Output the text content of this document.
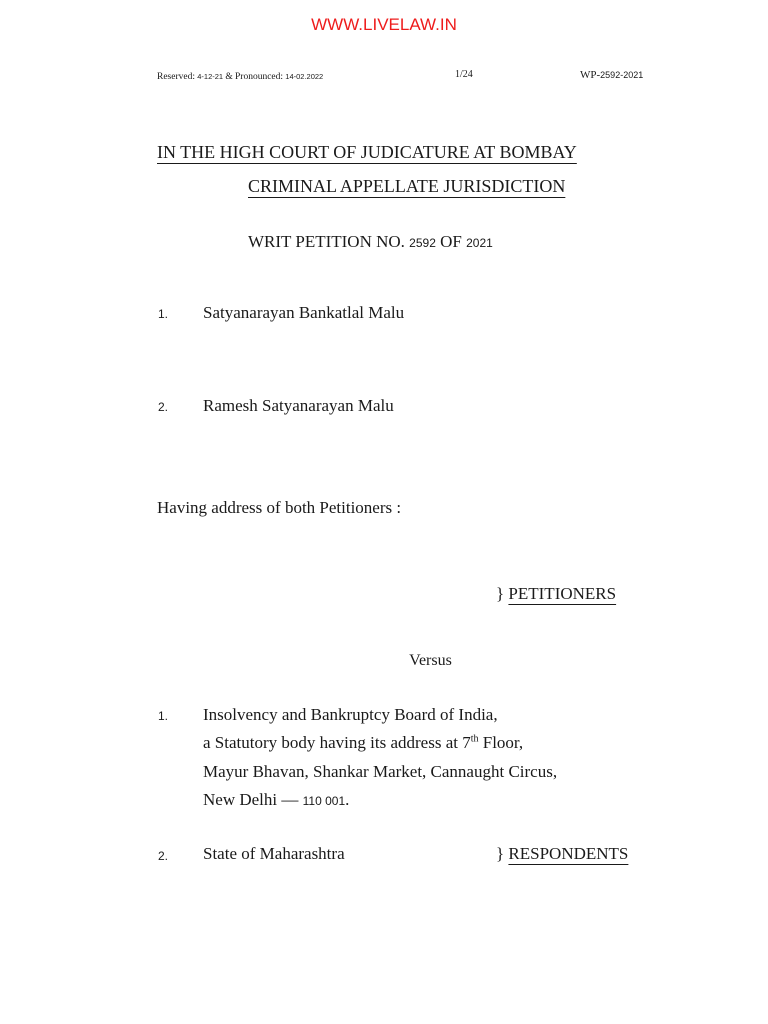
WWW.LIVELAW.IN
Reserved: 4-12-21 & Pronounced: 14-02.2022	1/24	WP-2592-2021
IN THE HIGH COURT OF JUDICATURE AT BOMBAY
CRIMINAL APPELLATE JURISDICTION
WRIT PETITION NO. 2592 OF 2021
1. Satyanarayan Bankatlal Malu
2. Ramesh Satyanarayan Malu
Having address of both Petitioners :
} PETITIONERS
Versus
1. Insolvency and Bankruptcy Board of India,
a Statutory body having its address at 7th Floor,
Mayur Bhavan, Shankar Market, Cannaught Circus,
New Delhi — 110 001.
2. State of Maharashtra	} RESPONDENTS
